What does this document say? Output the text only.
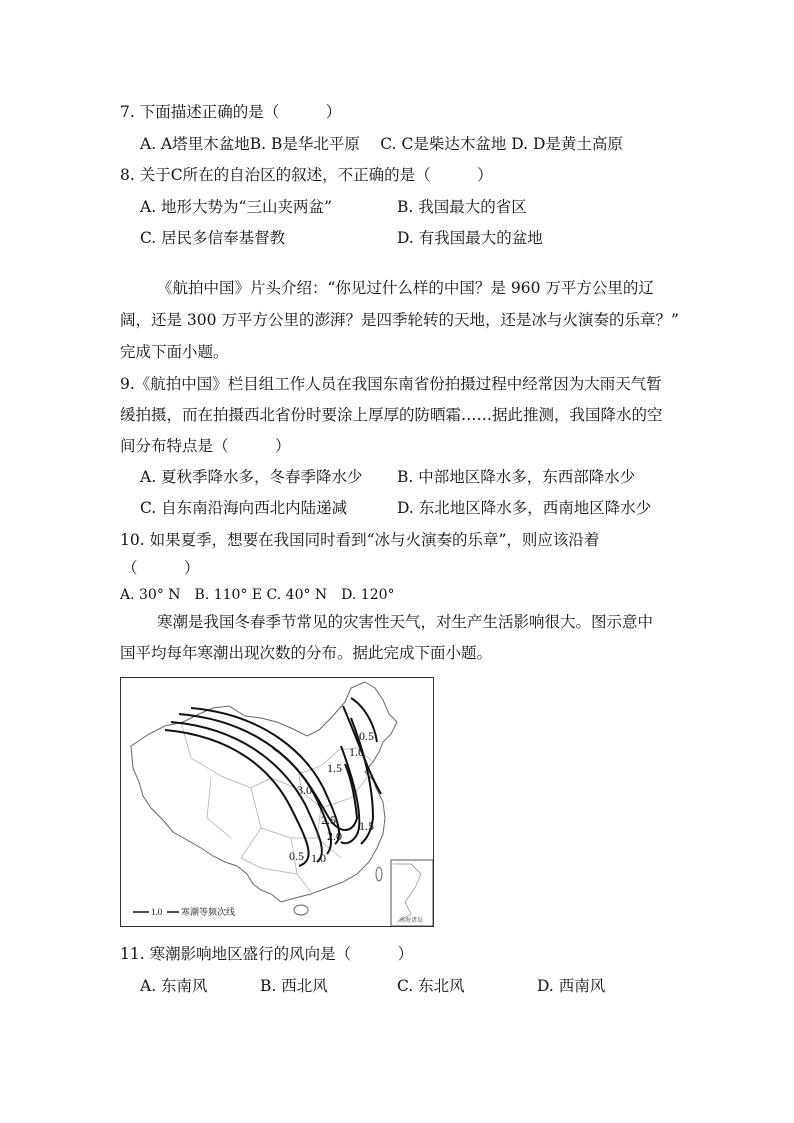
7. 下面描述正确的是（　　　）
A. A塔里木盆地B. B是华北平原　 C. C是柴达木盆地 D. D是黄土高原
8. 关于C所在的自治区的叙述，不正确的是（　　　）
A. 地形大势为“三山夹两盆”	B. 我国最大的省区
C. 居民多信奉基督教	D. 有我国最大的盆地
《航拍中国》片头介绍：“你见过什么样的中国？是 960 万平方公里的辽
阔，还是 300 万平方公里的澎湃？是四季轮转的天地，还是冰与火演奏的乐章？”
完成下面小题。
9.《航拍中国》栏目组工作人员在我国东南省份拍摄过程中经常因为大雨天气暂
缓拍摄，而在拍摄西北省份时要涂上厚厚的防晒霜……据此推测，我国降水的空
间分布特点是（　　　）
A. 夏秋季降水多，冬春季降水少 B. 中部地区降水多，东西部降水少
C. 自东南沿海向西北内陆递减	D. 东北地区降水多，西南地区降水少
10. 如果夏季，想要在我国同时看到“冰与火演奏的乐章”，则应该沿着
（　　　）
A. 30° N　B. 110° E C. 40° N　D. 120°
寒潮是我国冬春季节常见的灾害性天气，对生产生活影响很大。图示意中
国平均每年寒潮出现次数的分布。据此完成下面小题。
0.5
1.0
1.5
3.0
2.5
2.0
1.5
0.5 1.0
南海诸岛
1.0 寒潮等频次线
11. 寒潮影响地区盛行的风向是（　　　）
A. 东南风	B. 西北风	C. 东北风	D. 西南风
